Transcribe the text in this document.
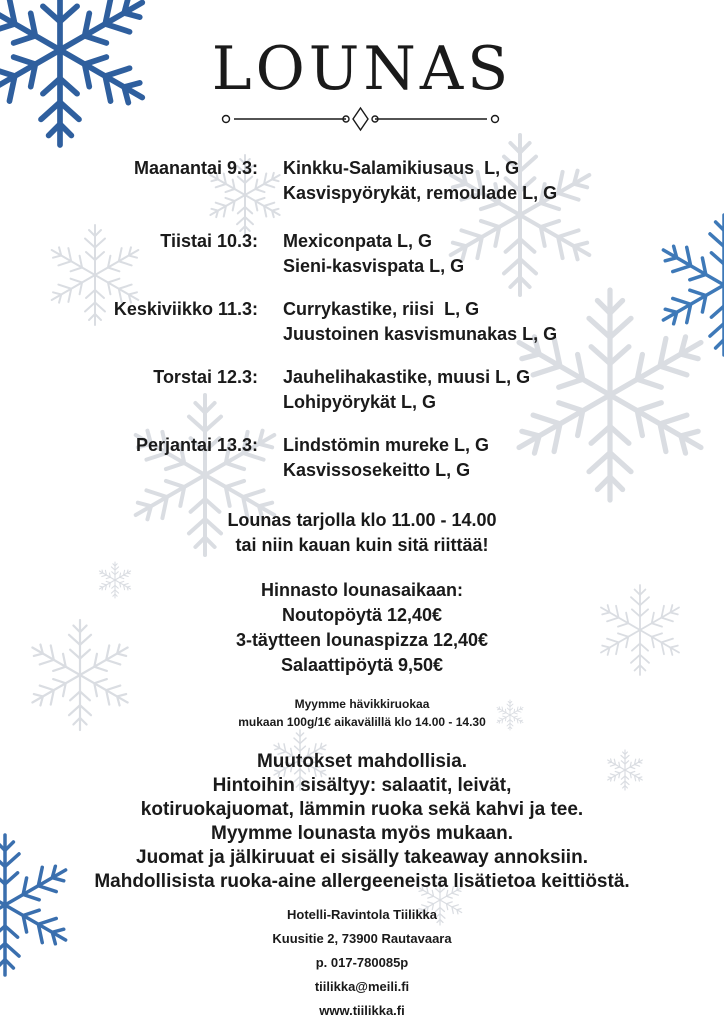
LOUNAS
Maanantai 9.3: Kinkku-Salamikiusaus  L, G
Kasvispyörykät, remoulade L, G
Tiistai 10.3: Mexiconpata L, G
Sieni-kasvispata L, G
Keskiviikko 11.3: Currykastike, riisi  L, G
Juustoinen kasvismunakas L, G
Torstai 12.3: Jauhelihakastike, muusi L, G
Lohipyörykät L, G
Perjantai 13.3: Lindstömin mureke L, G
Kasvissosekeitto L, G
Lounas tarjolla klo 11.00 - 14.00
tai niin kauan kuin sitä riittää!
Hinnasto lounasaikaan:
Noutopöytä 12,40€
3-täytteen lounaspizza 12,40€
Salaattipöytä 9,50€
Myymme hävikkiruokaa
mukaan 100g/1€ aikavälillä klo 14.00 - 14.30
Muutokset mahdollisia.
Hintoihin sisältyy: salaatit, leivät,
kotiruokajuomat, lämmin ruoka sekä kahvi ja tee.
Myymme lounasta myös mukaan.
Juomat ja jälkiruuat ei sisälly takeaway annoksiin.
Mahdollisista ruoka-aine allergeeneista lisätietoa keittiöstä.
Hotelli-Ravintola Tiilikka
Kuusitie 2, 73900 Rautavaara
p. 017-780085p
tiilikka@meili.fi
www.tiilikka.fi
